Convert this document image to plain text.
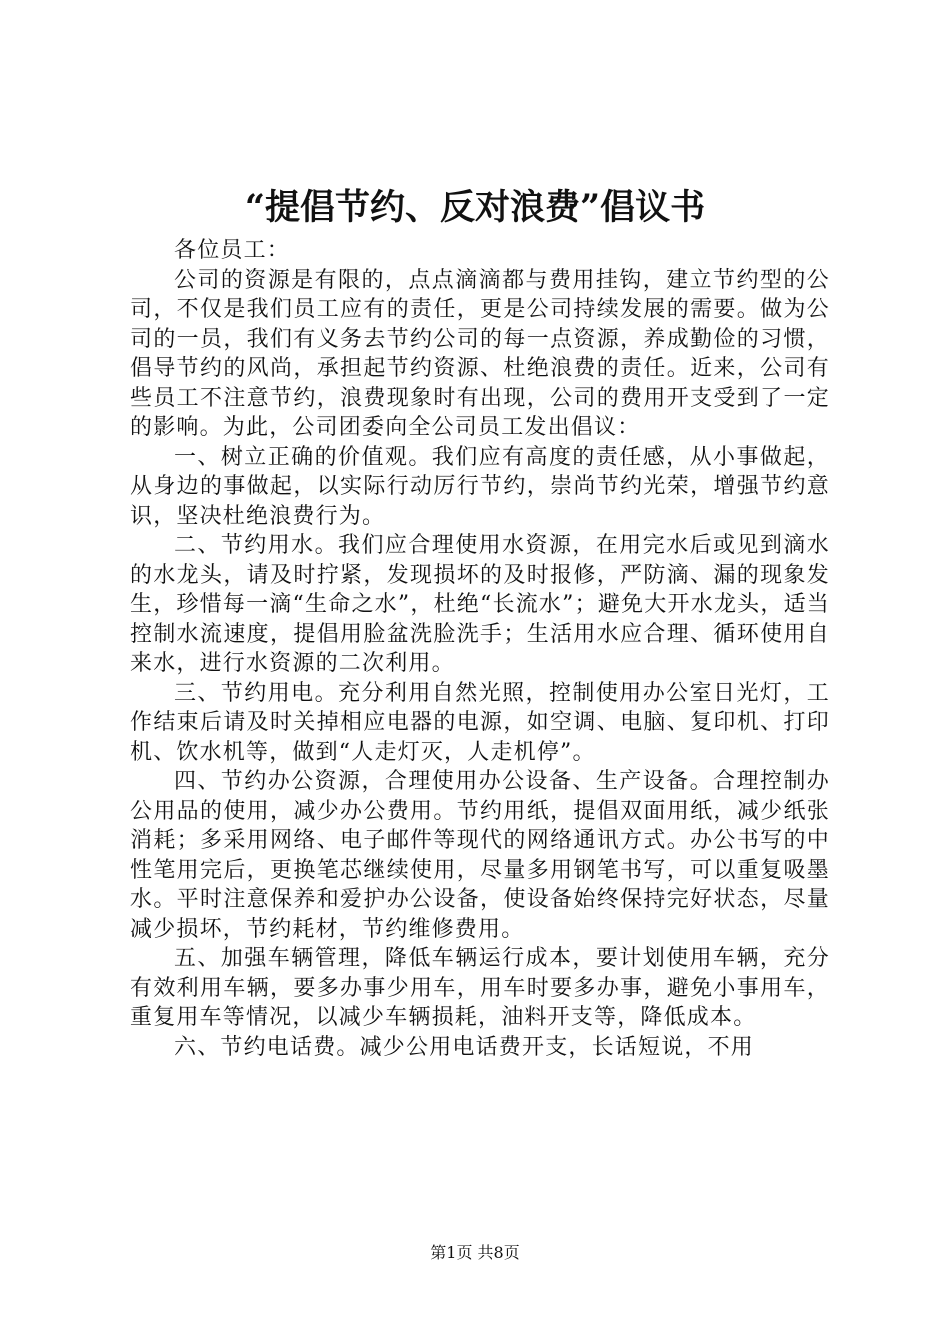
“提倡节约、反对浪费”倡议书

各位员工：

公司的资源是有限的，点点滴滴都与费用挂钩，建立节约型的公司，不仅是我们员工应有的责任，更是公司持续发展的需要。做为公司的一员，我们有义务去节约公司的每一点资源，养成勤俭的习惯，倡导节约的风尚，承担起节约资源、杜绝浪费的责任。近来，公司有些员工不注意节约，浪费现象时有出现，公司的费用开支受到了一定的影响。为此，公司团委向全公司员工发出倡议：

一、树立正确的价值观。我们应有高度的责任感，从小事做起，从身边的事做起，以实际行动厉行节约，崇尚节约光荣，增强节约意识，坚决杜绝浪费行为。

二、节约用水。我们应合理使用水资源，在用完水后或见到滴水的水龙头，请及时拧紧，发现损坏的及时报修，严防滴、漏的现象发生，珍惜每一滴“生命之水”，杜绝“长流水”；避免大开水龙头，适当控制水流速度，提倡用脸盆洗脸洗手；生活用水应合理、循环使用自来水，进行水资源的二次利用。

三、节约用电。充分利用自然光照，控制使用办公室日光灯，工作结束后请及时关掉相应电器的电源，如空调、电脑、复印机、打印机、饮水机等，做到“人走灯灭，人走机停”。

四、节约办公资源，合理使用办公设备、生产设备。合理控制办公用品的使用，减少办公费用。节约用纸，提倡双面用纸，减少纸张消耗；多采用网络、电子邮件等现代的网络通讯方式。办公书写的中性笔用完后，更换笔芯继续使用，尽量多用钢笔书写，可以重复吸墨水。平时注意保养和爱护办公设备，使设备始终保持完好状态，尽量减少损坏，节约耗材，节约维修费用。

五、加强车辆管理，降低车辆运行成本，要计划使用车辆，充分有效利用车辆，要多办事少用车，用车时要多办事，避免小事用车，重复用车等情况，以减少车辆损耗，油料开支等，降低成本。

六、节约电话费。减少公用电话费开支，长话短说，不用

第1页 共8页
